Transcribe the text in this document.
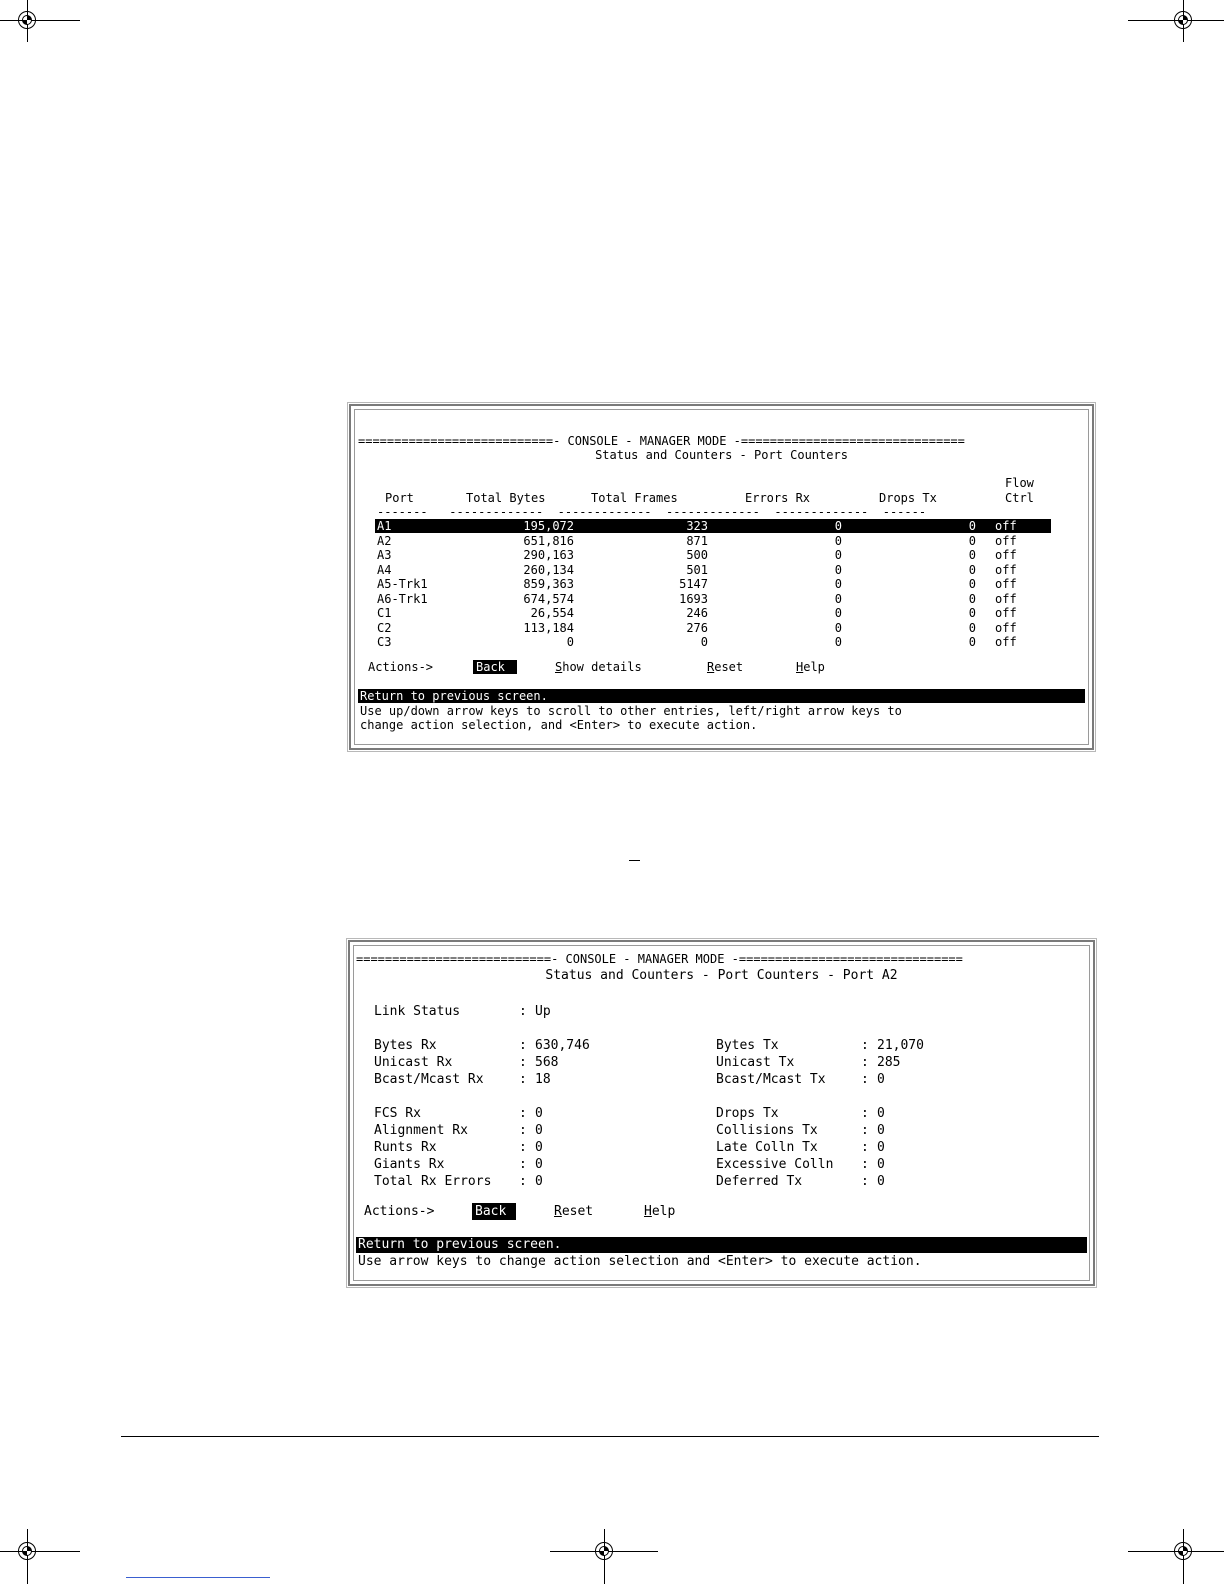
===========================- CONSOLE - MANAGER MODE -===============================
Status and Counters - Port Counters
Flow
Port	Total Bytes	Total Frames	Errors Rx	Drops Tx	Ctrl
-------   -------------  -------------  -------------  -------------  ------
A1	195,072	323	0	0 off
A2	651,816	871	0	0 off
A3	290,163	500	0	0 off
A4	260,134	501	0	0 off
A5-Trk1	859,363	5147	0	0 off
A6-Trk1	674,574	1693	0	0 off
C1	26,554	246	0	0 off
C2	113,184	276	0	0 off
C3	0	0	0	0 off
Actions->	Back	Show details	Reset	Help
Return to previous screen.
Use up/down arrow keys to scroll to other entries, left/right arrow keys to
change action selection, and <Enter> to execute action.
===========================- CONSOLE - MANAGER MODE -===============================
Status and Counters - Port Counters - Port A2
Link Status	: Up
Bytes Rx	: 630,746
Unicast Rx	: 568
Bcast/Mcast Rx	: 18
FCS Rx	: 0
Alignment Rx	: 0
Runts Rx	: 0
Giants Rx	: 0
Total Rx Errors : 0
Bytes Tx	: 21,070
Unicast Tx	: 285
Bcast/Mcast Tx	: 0
Drops Tx	: 0
Collisions Tx	: 0
Late Colln Tx	: 0
Excessive Colln : 0
Deferred Tx	: 0
Actions->	Back	Reset	Help
Return to previous screen.
Use arrow keys to change action selection and <Enter> to execute action.
